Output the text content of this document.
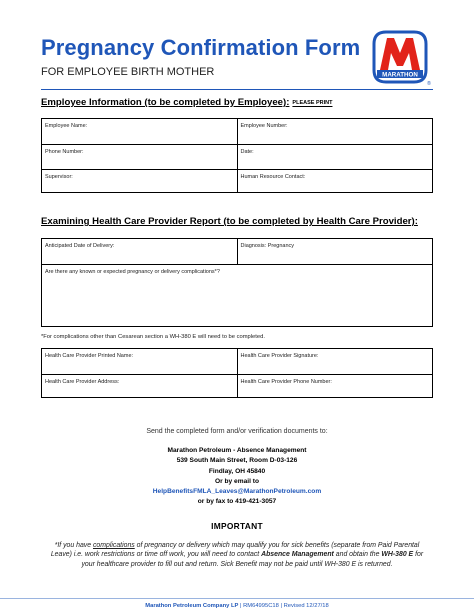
Pregnancy Confirmation Form
FOR EMPLOYEE BIRTH MOTHER	MARATHON
®
Employee Information (to be completed by Employee): PLEASE PRINT
Employee Name:	Employee Number:
Phone Number:	Date:
Supervisor:	Human Resource Contact:
Examining Health Care Provider Report (to be completed by Health Care Provider):
Anticipated Date of Delivery:	Diagnosis: Pregnancy
Are there any known or expected pregnancy or delivery complications*?
*For complications other than Cesarean section a WH-380 E will need to be completed.
Health Care Provider Printed Name:	Health Care Provider Signature:
Health Care Provider Address:	Health Care Provider Phone Number:
Send the completed form and/or verification documents to:
Marathon Petroleum - Absence Management
539 South Main Street, Room D-03-126
Findlay, OH 45840
Or by email to
HelpBenefitsFMLA_Leaves@MarathonPetroleum.com
or by fax to 419-421-3057
IMPORTANT
*If you have complications of pregnancy or delivery which may qualify you for sick benefits (separate from Paid Parental Leave) i.e. work restrictions or time off work, you will need to contact Absence Management and obtain the WH-380 E for your healthcare provider to fill out and return. Sick Benefit may not be paid until WH-380 E is returned.
Marathon Petroleum Company LP | RM64995C18 | Revised 12/27/18
